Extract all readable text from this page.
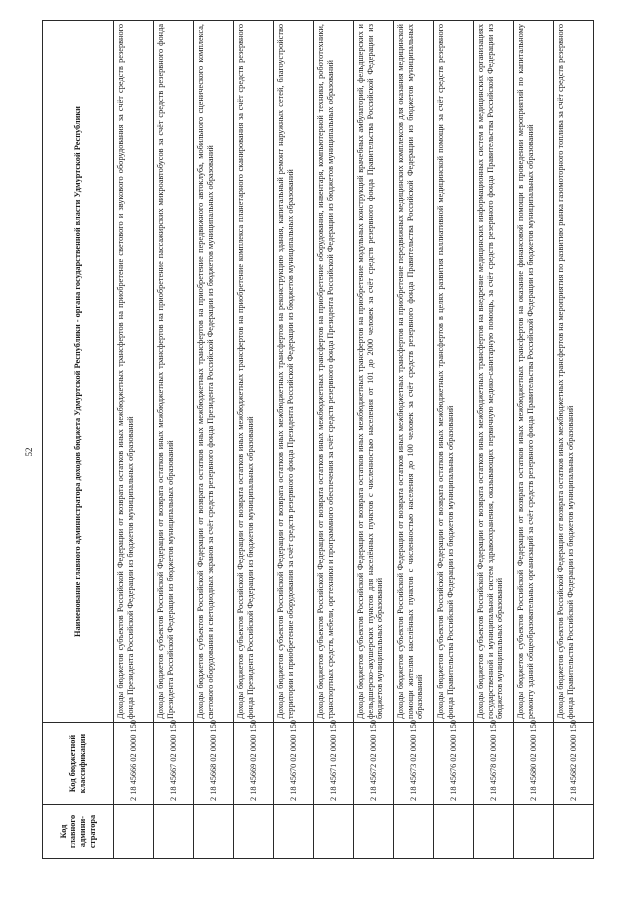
52
Код главного админи-стратора	Код бюджетной классификации	Наименование главного администратора доходов бюджета Удмуртской Республики - органа государственной власти Удмуртской Республики
	2 18 45666 02 0000 150	Доходы бюджетов субъектов Российской Федерации от возврата остатков иных межбюджетных трансфертов на приобретение светового и звукового оборудования за счёт средств резервного фонда Президента Российской Федерации из бюджетов муниципальных образований
	2 18 45667 02 0000 150	Доходы бюджетов субъектов Российской Федерации от возврата остатков иных межбюджетных трансфертов на приобретение пассажирских микроавтобусов за счёт средств резервного фонда Президента Российской Федерации из бюджетов муниципальных образований
	2 18 45668 02 0000 150	Доходы бюджетов субъектов Российской Федерации от возврата остатков иных межбюджетных трансфертов на приобретение передвижного автоклуба, мобильного сценического комплекса, светового оборудования и светодиодных экранов за счёт средств резервного фонда Президента Российской Федерации из бюджетов муниципальных образований
	2 18 45669 02 0000 150	Доходы бюджетов субъектов Российской Федерации от возврата остатков иных межбюджетных трансфертов на приобретение комплекса планетарного сканирования за счёт средств резервного фонда Президента Российской Федерации из бюджетов муниципальных образований
	2 18 45670 02 0000 150	Доходы бюджетов субъектов Российской Федерации от возврата остатков иных межбюджетных трансфертов на реконструкцию здания, капитальный ремонт наружных сетей, благоустройство территории и приобретение оборудования за счёт средств резервного фонда Президента Российской Федерации из бюджетов муниципальных образований
	2 18 45671 02 0000 150	Доходы бюджетов субъектов Российской Федерации от возврата остатков иных межбюджетных трансфертов на приобретение оборудования, инвентаря, компьютерной техники, робототехники, транспортных средств, мебели, оргтехники и программного обеспечения за счёт средств резервного фонда Президента Российской Федерации из бюджетов муниципальных образований
	2 18 45672 02 0000 150	Доходы бюджетов субъектов Российской Федерации от возврата остатков иных межбюджетных трансфертов на приобретение модульных конструкций врачебных амбулаторий, фельдшерских и фельдшерско-акушерских пунктов для населённых пунктов с численностью населения от 101 до 2000 человек за счёт средств резервного фонда Правительства Российской Федерации из бюджетов муниципальных образований
	2 18 45673 02 0000 150	Доходы бюджетов субъектов Российской Федерации от возврата остатков иных межбюджетных трансфертов на приобретение передвижных медицинских комплексов для оказания медицинской помощи жителям населённых пунктов с численностью населения до 100 человек за счёт средств резервного фонда Правительства Российской Федерации из бюджетов муниципальных образований
	2 18 45676 02 0000 150	Доходы бюджетов субъектов Российской Федерации от возврата остатков иных межбюджетных трансфертов в целях развития паллиативной медицинской помощи за счёт средств резервного фонда Правительства Российской Федерации из бюджетов муниципальных образований
	2 18 45678 02 0000 150	Доходы бюджетов субъектов Российской Федерации от возврата остатков иных межбюджетных трансфертов на внедрение медицинских информационных систем в медицинских организациях государственной и муниципальной систем здравоохранения, оказывающих первичную медико-санитарную помощь, за счёт средств резервного фонда Правительства Российской Федерации из бюджетов муниципальных образований
	2 18 45680 02 0000 150	Доходы бюджетов субъектов Российской Федерации от возврата остатков иных межбюджетных трансфертов на оказание финансовой помощи в проведении мероприятий по капитальному ремонту зданий общеобразовательных организаций за счёт средств резервного фонда Правительства Российской Федерации из бюджетов муниципальных образований
	2 18 45682 02 0000 150	Доходы бюджетов субъектов Российской Федерации от возврата остатков иных межбюджетных трансфертов на мероприятия по развитию рынка газомоторного топлива за счёт средств резервного фонда Правительства Российской Федерации из бюджетов муниципальных образований
